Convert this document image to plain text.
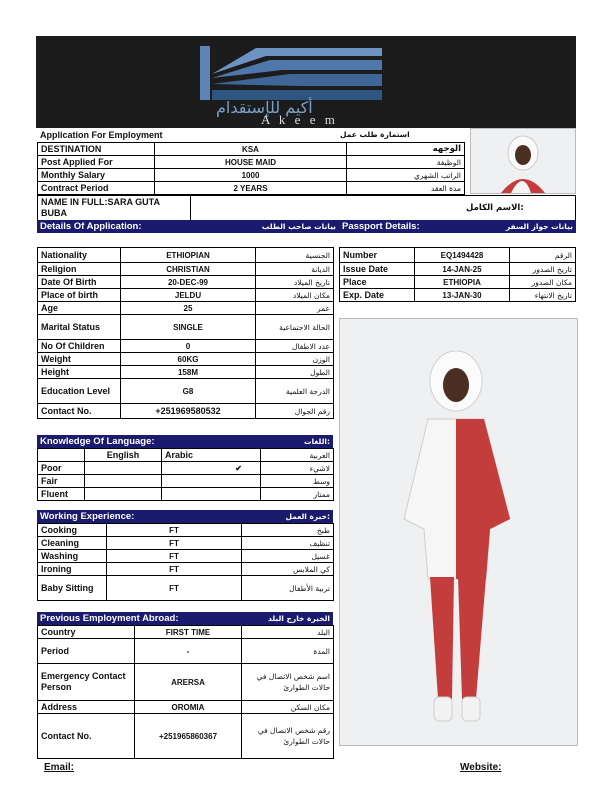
أكيم للإستقدام
A k e e m
Application For Employment	استمارة طلب عمل
DESTINATION	KSA	الوجهه
Post Applied For	HOUSE MAID	الوظيفة
Monthly Salary	1000	الراتب الشهري
Contract Period	2 YEARS	مدة العقد
NAME IN FULL:SARA GUTA BUBA	الاسم الكامل:
Details Of Application:	بيانات صاحب الطلب Passport Details:	بيانات جواز السفر
Nationality	ETHIOPIAN	الجنسية
Religion	CHRISTIAN	الديانة
Date Of Birth	20-DEC-99	تاريخ الميلاد
Place of birth	JELDU	مكان الميلاد
Age	25	عمر
Marital Status	SINGLE	الحالة الاجتماعية
No Of Children	0	عدد الاطفال
Weight	60KG	الوزن
Height	158M	الطول
Education Level	G8	الدرجة العلمية
Contact No.	+251969580532	رقم الجوال
Number	EQ1494428	الرقم
Issue Date	14-JAN-25	تاريخ الصدور
Place	ETHIOPIA	مكان الصدور
Exp. Date	13-JAN-30	تاريخ الانتهاء
Knowledge Of Language:	اللغات:
	English	Arabic	العربية
Poor		✔	لاشيء
Fair			وسط
Fluent			ممتاز
Working Experience:	خبرة العمل:
Cooking	FT	طبخ
Cleaning	FT	تنظيف
Washing	FT	غسيل
Ironing	FT	كي الملابس
Baby Sitting	FT	تربية الأطفال
Previous Employment Abroad:	الخبرة خارج البلد
Country	FIRST TIME	البلد
Period	-	المدة
Emergency Contact Person	ARERSA	اسم شخص الاتصال في حالات الطوارئ
Address	OROMIA	مكان السكن
Contact No.	+251965860367	رقم شخص الاتصال في حالات الطوارئ
Email:	Website:
